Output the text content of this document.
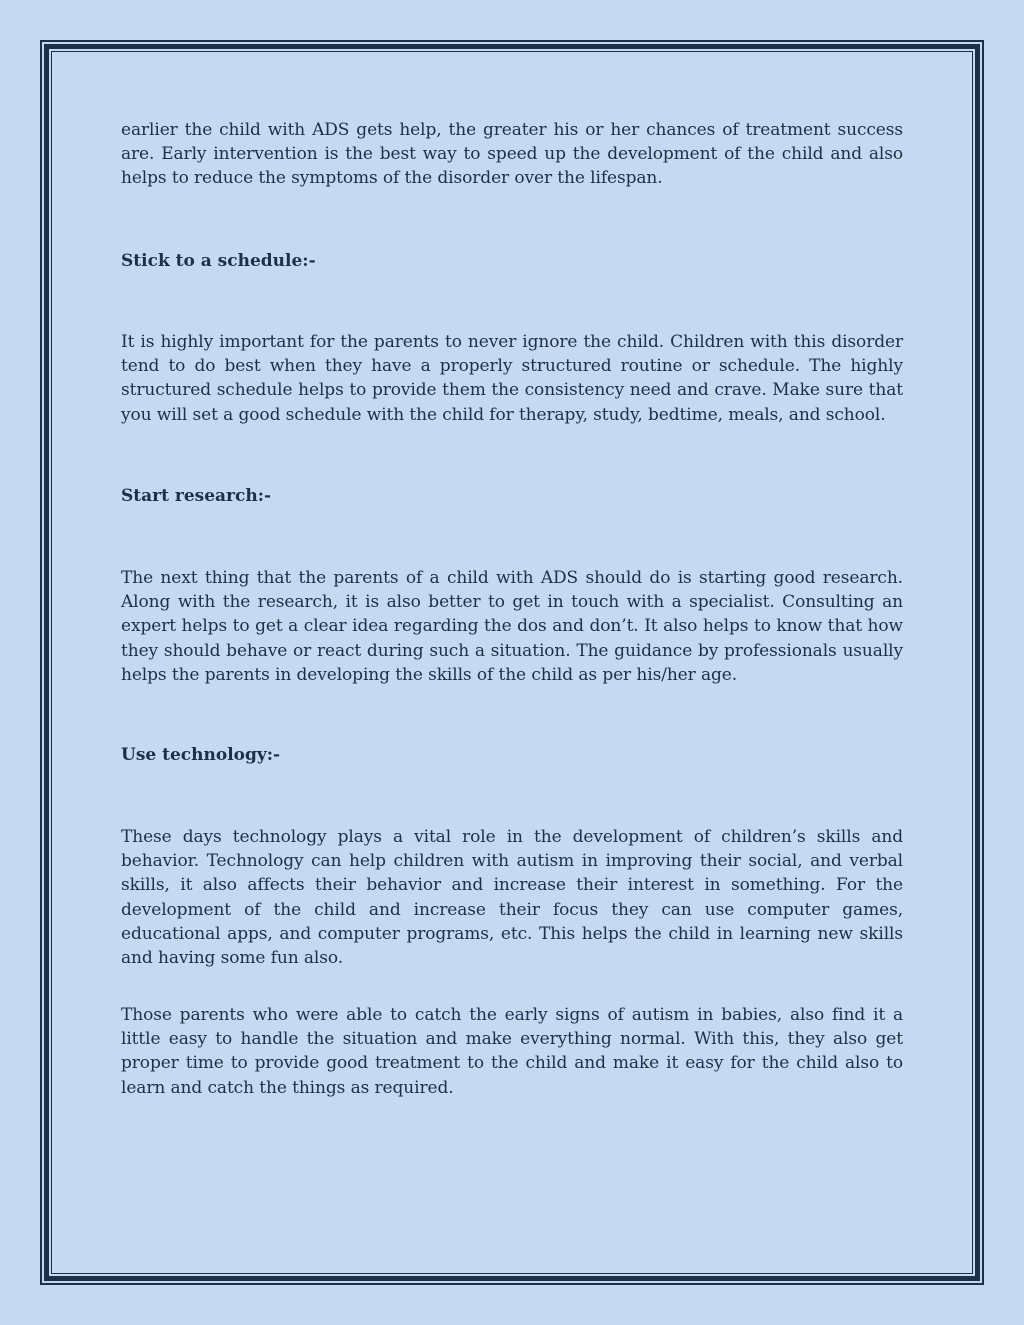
earlier the child with ADS gets help, the greater his or her chances of treatment success are. Early intervention is the best way to speed up the development of the child and also helps to reduce the symptoms of the disorder over the lifespan.

Stick to a schedule:-

It is highly important for the parents to never ignore the child. Children with this disorder tend to do best when they have a properly structured routine or schedule. The highly structured schedule helps to provide them the consistency need and crave. Make sure that you will set a good schedule with the child for therapy, study, bedtime, meals, and school.

Start research:-

The next thing that the parents of a child with ADS should do is starting good research. Along with the research, it is also better to get in touch with a specialist. Consulting an expert helps to get a clear idea regarding the dos and don’t. It also helps to know that how they should behave or react during such a situation. The guidance by professionals usually helps the parents in developing the skills of the child as per his/her age.

Use technology:-

These days technology plays a vital role in the development of children’s skills and behavior. Technology can help children with autism in improving their social, and verbal skills, it also affects their behavior and increase their interest in something. For the development of the child and increase their focus they can use computer games, educational apps, and computer programs, etc. This helps the child in learning new skills and having some fun also.

Those parents who were able to catch the early signs of autism in babies, also find it a little easy to handle the situation and make everything normal. With this, they also get proper time to provide good treatment to the child and make it easy for the child also to learn and catch the things as required.
